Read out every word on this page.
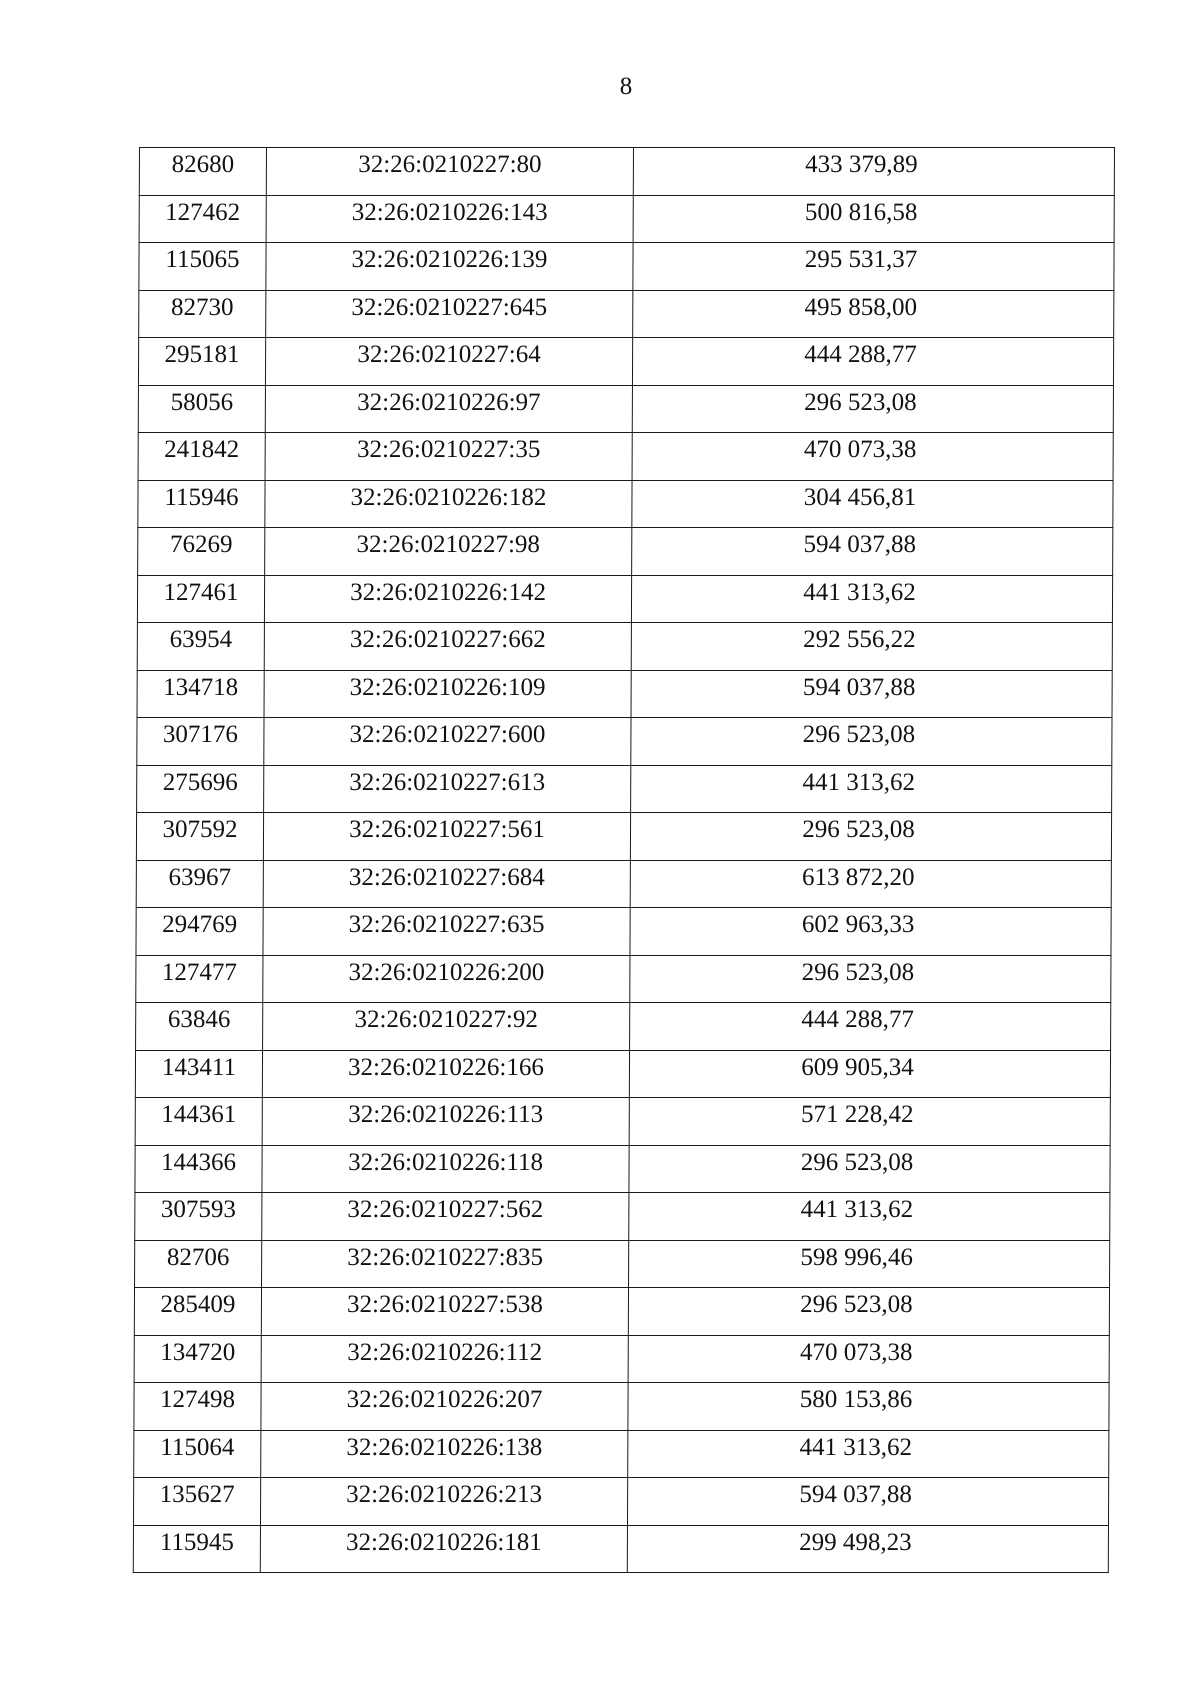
8
82680	32:26:0210227:80	433 379,89
127462	32:26:0210226:143	500 816,58
115065	32:26:0210226:139	295 531,37
82730	32:26:0210227:645	495 858,00
295181	32:26:0210227:64	444 288,77
58056	32:26:0210226:97	296 523,08
241842	32:26:0210227:35	470 073,38
115946	32:26:0210226:182	304 456,81
76269	32:26:0210227:98	594 037,88
127461	32:26:0210226:142	441 313,62
63954	32:26:0210227:662	292 556,22
134718	32:26:0210226:109	594 037,88
307176	32:26:0210227:600	296 523,08
275696	32:26:0210227:613	441 313,62
307592	32:26:0210227:561	296 523,08
63967	32:26:0210227:684	613 872,20
294769	32:26:0210227:635	602 963,33
127477	32:26:0210226:200	296 523,08
63846	32:26:0210227:92	444 288,77
143411	32:26:0210226:166	609 905,34
144361	32:26:0210226:113	571 228,42
144366	32:26:0210226:118	296 523,08
307593	32:26:0210227:562	441 313,62
82706	32:26:0210227:835	598 996,46
285409	32:26:0210227:538	296 523,08
134720	32:26:0210226:112	470 073,38
127498	32:26:0210226:207	580 153,86
115064	32:26:0210226:138	441 313,62
135627	32:26:0210226:213	594 037,88
115945	32:26:0210226:181	299 498,23
